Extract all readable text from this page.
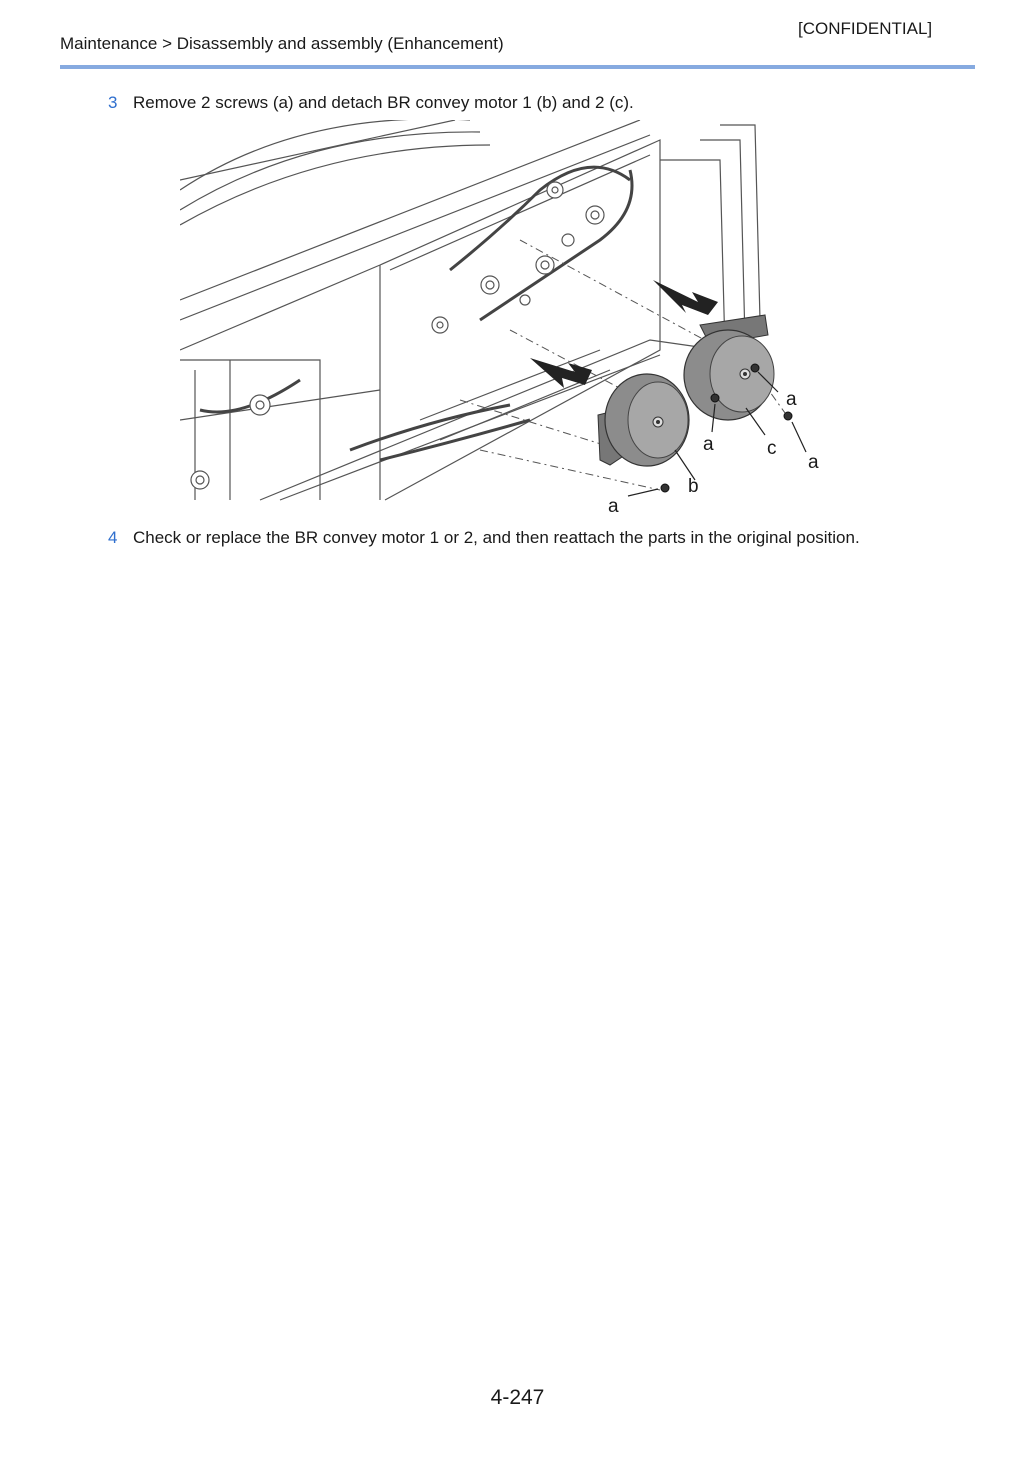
[CONFIDENTIAL]
Maintenance > Disassembly and assembly (Enhancement)
3 Remove 2 screws (a) and detach BR convey motor 1 (b) and 2 (c).
a
a	c
a
b
a
4 Check or replace the BR convey motor 1 or 2, and then reattach the parts in the original position.
4-247
